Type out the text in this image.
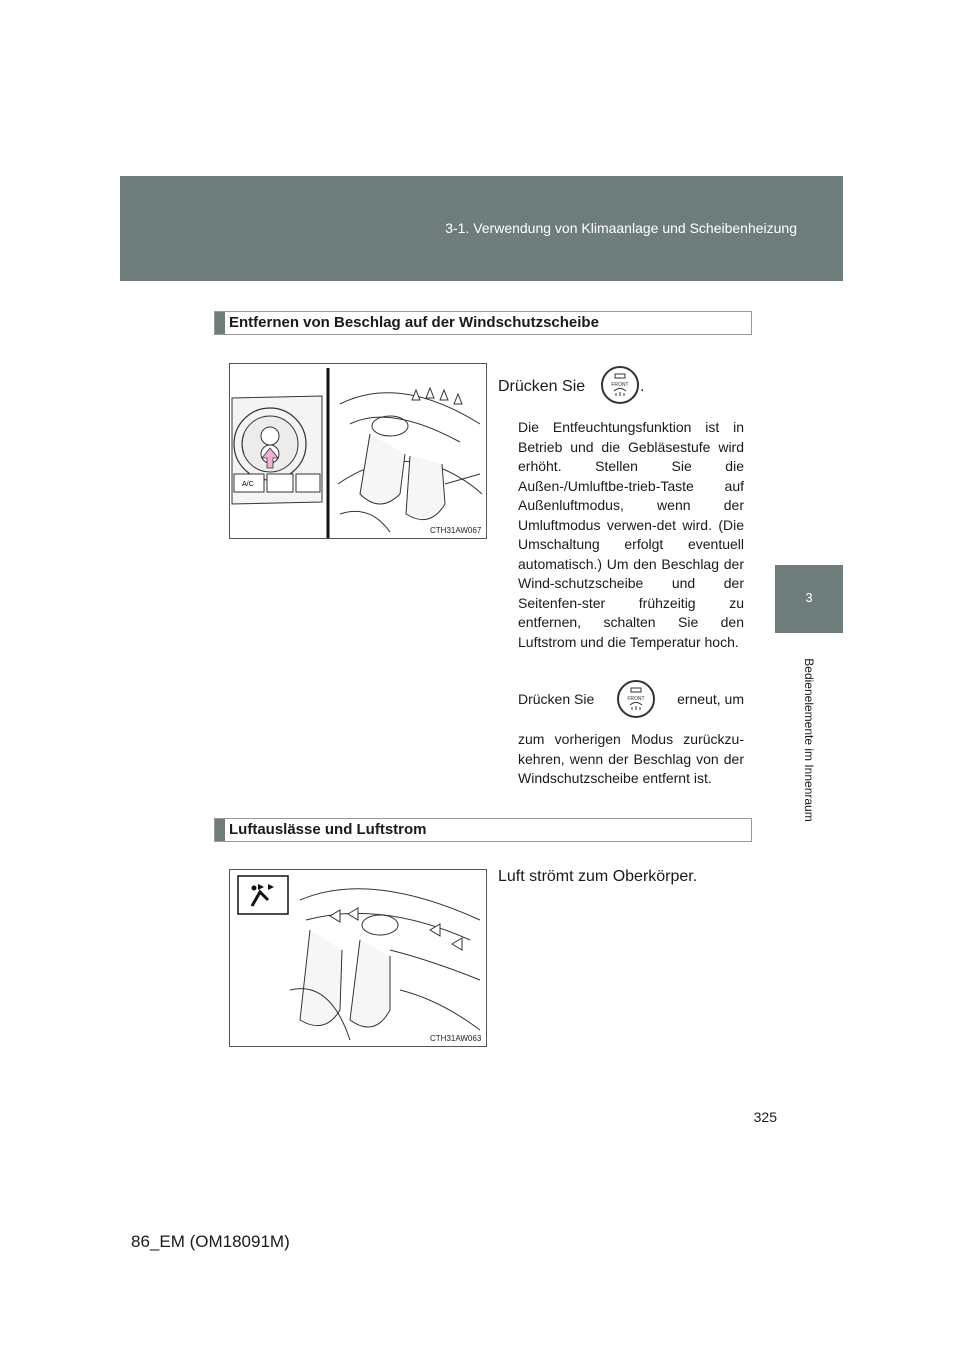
3-1. Verwendung von Klimaanlage und Scheibenheizung
3
Bedienelemente im Innenraum
Entfernen von Beschlag auf der Windschutzscheibe
A/C
CTH31AW067
Drücken Sie	FRONT .
Die Entfeuchtungsfunktion ist in Betrieb und die Gebläsestufe wird erhöht. Stellen Sie die Außen-/Umluftbe-trieb-Taste auf Außenluftmodus, wenn der Umluftmodus verwen-det wird. (Die Umschaltung erfolgt eventuell automatisch.) Um den Beschlag der Wind-schutzscheibe und der Seitenfen-ster frühzeitig zu entfernen, schalten Sie den Luftstrom und die Temperatur hoch.
Drücken Sie	FRONT	erneut, um
zum vorherigen Modus zurückzu-kehren, wenn der Beschlag von der Windschutzscheibe entfernt ist.
Luftauslässe und Luftstrom
CTH31AW063
Luft strömt zum Oberkörper.
325
86_EM (OM18091M)
